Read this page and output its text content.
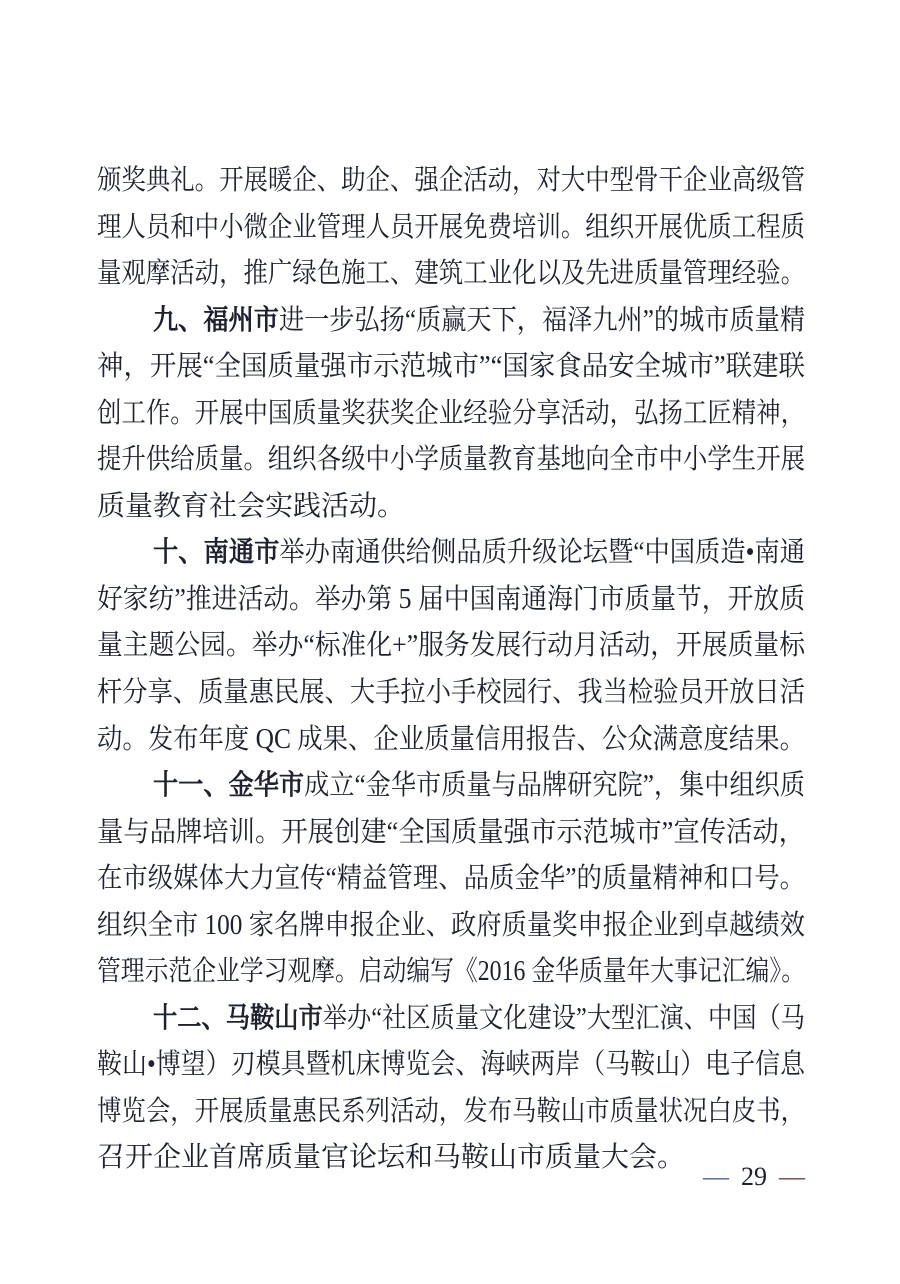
颁奖典礼。开展暖企、助企、强企活动，对大中型骨干企业高级管
理人员和中小微企业管理人员开展免费培训。组织开展优质工程质
量观摩活动，推广绿色施工、建筑工业化以及先进质量管理经验。
九、福州市进一步弘扬“质赢天下，福泽九州”的城市质量精
神，开展“全国质量强市示范城市”“国家食品安全城市”联建联
创工作。开展中国质量奖获奖企业经验分享活动，弘扬工匠精神，
提升供给质量。组织各级中小学质量教育基地向全市中小学生开展
质量教育社会实践活动。
十、南通市举办南通供给侧品质升级论坛暨“中国质造•南通
好家纺”推进活动。举办第 5 届中国南通海门市质量节，开放质
量主题公园。举办“标准化+”服务发展行动月活动，开展质量标
杆分享、质量惠民展、大手拉小手校园行、我当检验员开放日活
动。发布年度 QC 成果、企业质量信用报告、公众满意度结果。
十一、金华市成立“金华市质量与品牌研究院”，集中组织质
量与品牌培训。开展创建“全国质量强市示范城市”宣传活动，
在市级媒体大力宣传“精益管理、品质金华”的质量精神和口号。
组织全市 100 家名牌申报企业、政府质量奖申报企业到卓越绩效
管理示范企业学习观摩。启动编写《2016 金华质量年大事记汇编》。
十二、马鞍山市举办“社区质量文化建设”大型汇演、中国（马
鞍山•博望）刃模具暨机床博览会、海峡两岸（马鞍山）电子信息
博览会，开展质量惠民系列活动，发布马鞍山市质量状况白皮书，
召开企业首席质量官论坛和马鞍山市质量大会。
— 29 —
